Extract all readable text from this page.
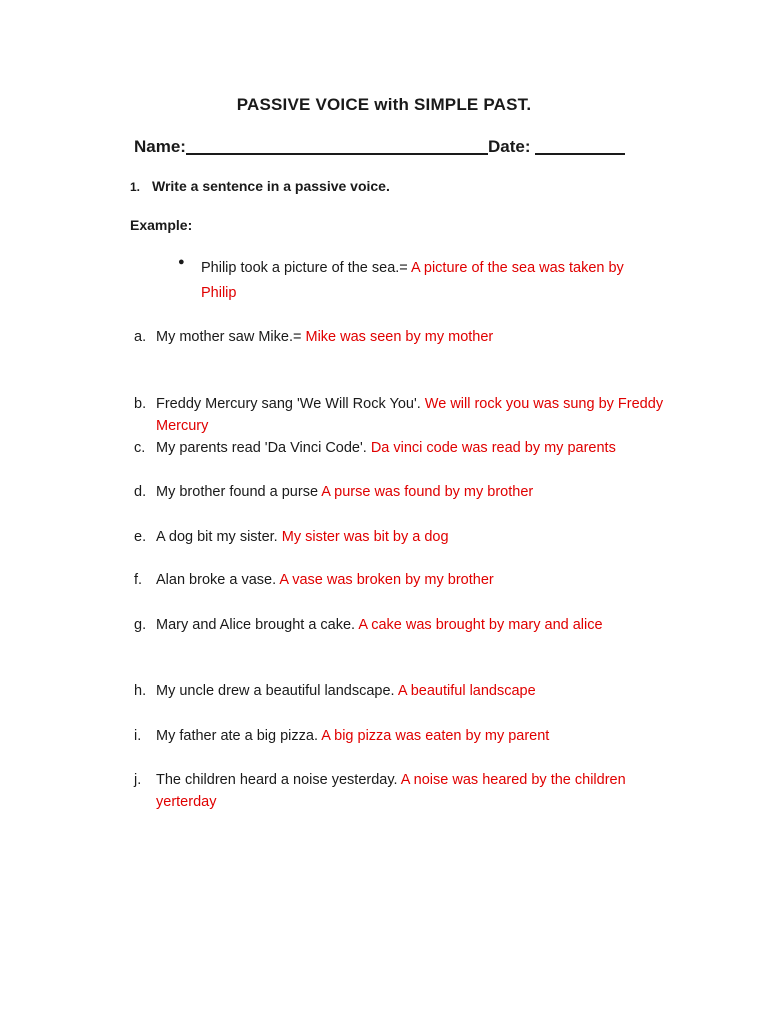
PASSIVE VOICE with SIMPLE PAST.
Name:	Date:
1. Write a sentence in a passive voice.
Example:
● Philip took a picture of the sea.= A picture of the sea was taken by Philip
a. My mother saw Mike.= Mike was seen by my mother
b. Freddy Mercury sang 'We Will Rock You'. We will rock you was sung by Freddy Mercury
c. My parents read 'Da Vinci Code'. Da vinci code was read by my parents
d. My brother found a purse A purse was found by my brother
e. A dog bit my sister. My sister was bit by a dog
f. Alan broke a vase. A vase was broken by my brother
g. Mary and Alice brought a cake. A cake was brought by mary and alice
h. My uncle drew a beautiful landscape. A beautiful landscape
i. My father ate a big pizza. A big pizza was eaten by my parent
j. The children heard a noise yesterday. A noise was heared by the children yerterday
